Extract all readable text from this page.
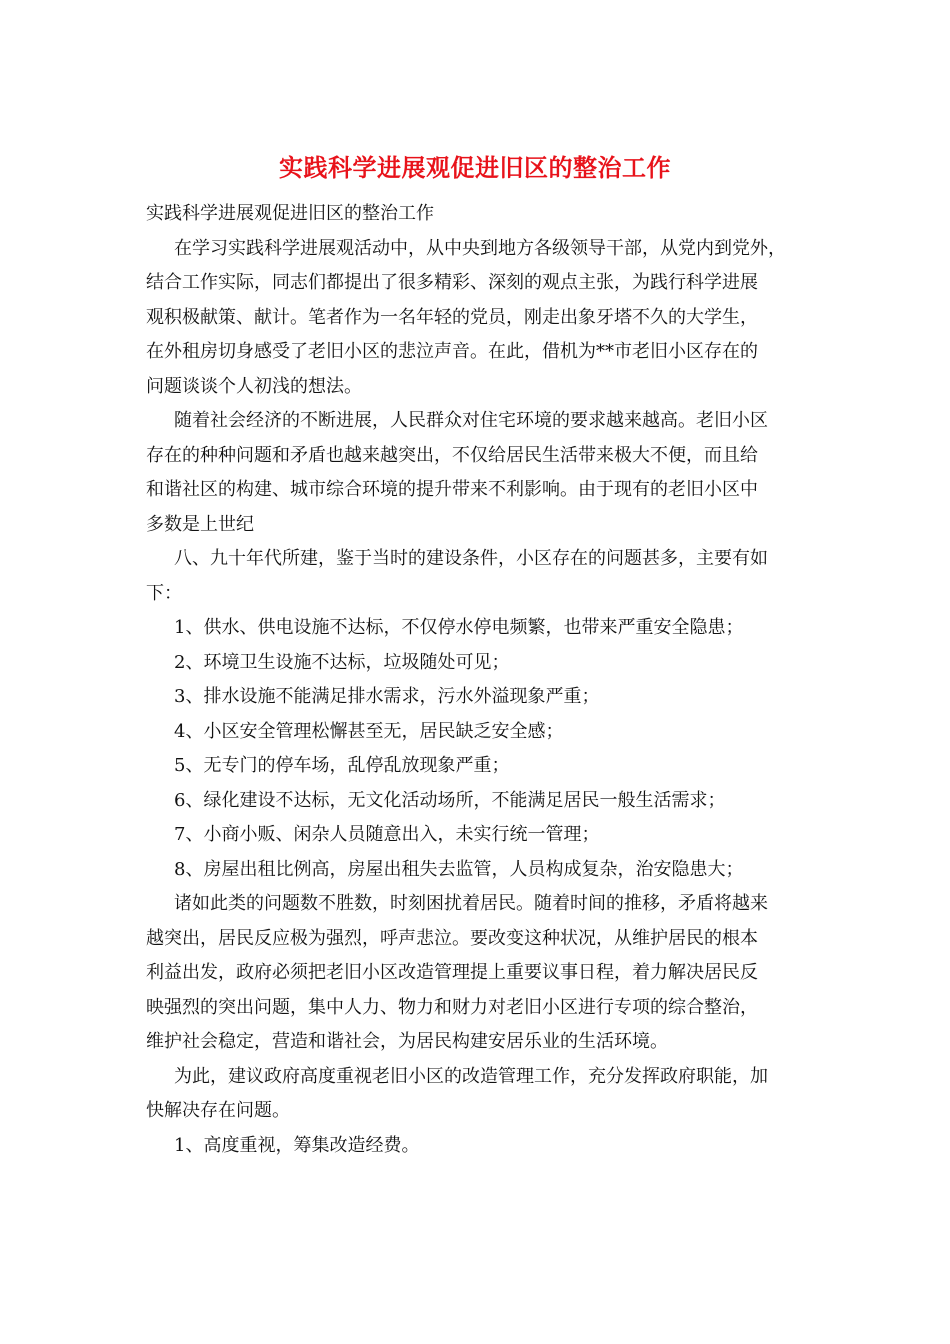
实践科学进展观促进旧区的整治工作
实践科学进展观促进旧区的整治工作
在学习实践科学进展观活动中，从中央到地方各级领导干部，从党内到党外，
结合工作实际，同志们都提出了很多精彩、深刻的观点主张，为践行科学进展
观积极献策、献计。笔者作为一名年轻的党员，刚走出象牙塔不久的大学生，
在外租房切身感受了老旧小区的悲泣声音。在此，借机为**市老旧小区存在的
问题谈谈个人初浅的想法。
随着社会经济的不断进展，人民群众对住宅环境的要求越来越高。老旧小区
存在的种种问题和矛盾也越来越突出，不仅给居民生活带来极大不便，而且给
和谐社区的构建、城市综合环境的提升带来不利影响。由于现有的老旧小区中
多数是上世纪
八、九十年代所建，鉴于当时的建设条件，小区存在的问题甚多，主要有如
下：
1、供水、供电设施不达标，不仅停水停电频繁，也带来严重安全隐患；
2、环境卫生设施不达标，垃圾随处可见；
3、排水设施不能满足排水需求，污水外溢现象严重；
4、小区安全管理松懈甚至无，居民缺乏安全感；
5、无专门的停车场，乱停乱放现象严重；
6、绿化建设不达标，无文化活动场所，不能满足居民一般生活需求；
7、小商小贩、闲杂人员随意出入，未实行统一管理；
8、房屋出租比例高，房屋出租失去监管，人员构成复杂，治安隐患大；
诸如此类的问题数不胜数，时刻困扰着居民。随着时间的推移，矛盾将越来
越突出，居民反应极为强烈，呼声悲泣。要改变这种状况，从维护居民的根本
利益出发，政府必须把老旧小区改造管理提上重要议事日程，着力解决居民反
映强烈的突出问题，集中人力、物力和财力对老旧小区进行专项的综合整治，
维护社会稳定，营造和谐社会，为居民构建安居乐业的生活环境。
为此，建议政府高度重视老旧小区的改造管理工作，充分发挥政府职能，加
快解决存在问题。
1、高度重视，筹集改造经费。
